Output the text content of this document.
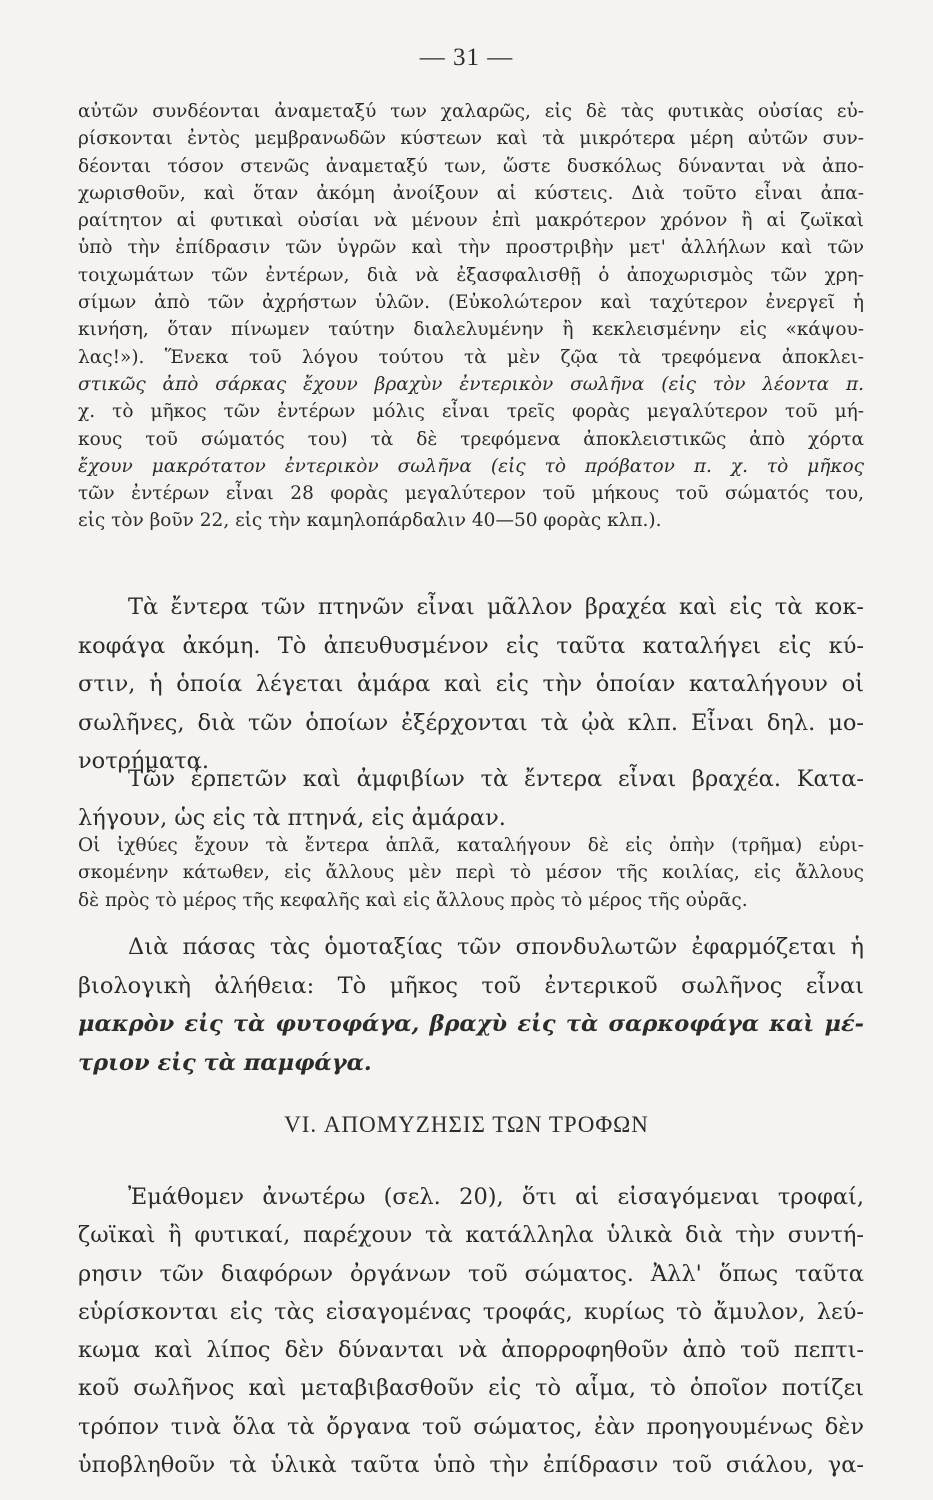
— 31 —
αὐτῶν συνδέονται ἀναμεταξύ των χαλαρῶς, εἰς δὲ τὰς φυτικὰς οὐσίας εὑ-
ρίσκονται ἐντὸς μεμβρανωδῶν κύστεων καὶ τὰ μικρότερα μέρη αὐτῶν συν-
δέονται τόσον στενῶς ἀναμεταξύ των, ὥστε δυσκόλως δύνανται νὰ ἀπο-
χωρισθοῦν, καὶ ὅταν ἀκόμη ἀνοίξουν αἱ κύστεις. Διὰ τοῦτο εἶναι ἀπα-
ραίτητον αἱ φυτικαὶ οὐσίαι νὰ μένουν ἐπὶ μακρότερον χρόνον ἢ αἱ ζωϊκαὶ
ὑπὸ τὴν ἐπίδρασιν τῶν ὑγρῶν καὶ τὴν προστριβὴν μετ' ἀλλήλων καὶ τῶν
τοιχωμάτων τῶν ἐντέρων, διὰ νὰ ἐξασφαλισθῇ ὁ ἀποχωρισμὸς τῶν χρη-
σίμων ἀπὸ τῶν ἀχρήστων ὑλῶν. (Εὐκολώτερον καὶ ταχύτερον ἐνεργεῖ ἡ
κινήση, ὅταν πίνωμεν ταύτην διαλελυμένην ἢ κεκλεισμένην εἰς «κάψου-
λας!»). Ἕνεκα τοῦ λόγου τούτου τὰ μὲν ζῷα τὰ τρεφόμενα ἀποκλει-
στικῶς ἀπὸ σάρκας ἔχουν βραχὺν ἐντερικὸν σωλῆνα (εἰς τὸν λέοντα π.
χ. τὸ μῆκος τῶν ἐντέρων μόλις εἶναι τρεῖς φορὰς μεγαλύτερον τοῦ μή-
κους τοῦ σώματός του) τὰ δὲ τρεφόμενα ἀποκλειστικῶς ἀπὸ χόρτα
ἔχουν μακρότατον ἐντερικὸν σωλῆνα (εἰς τὸ πρόβατον π. χ. τὸ μῆκος
τῶν ἐντέρων εἶναι 28 φορὰς μεγαλύτερον τοῦ μήκους τοῦ σώματός του,
εἰς τὸν βοῦν 22, εἰς τὴν καμηλοπάρδαλιν 40—50 φορὰς κλπ.).
Τὰ ἔντερα τῶν πτηνῶν εἶναι μᾶλλον βραχέα καὶ εἰς τὰ κοκ-
κοφάγα ἀκόμη. Τὸ ἀπευθυσμένον εἰς ταῦτα καταλήγει εἰς κύ-
στιν, ἡ ὁποία λέγεται ἀμάρα καὶ εἰς τὴν ὁποίαν καταλήγουν οἱ
σωλῆνες, διὰ τῶν ὁποίων ἐξέρχονται τὰ ᾠὰ κλπ. Εἶναι δηλ. μο-
νοτρήματα.
Τῶν ἑρπετῶν καὶ ἀμφιβίων τὰ ἔντερα εἶναι βραχέα. Κατα-
λήγουν, ὡς εἰς τὰ πτηνά, εἰς ἀμάραν.
Οἱ ἰχθύες ἔχουν τὰ ἔντερα ἁπλᾶ, καταλήγουν δὲ εἰς ὀπὴν (τρῆμα) εὑρι-
σκομένην κάτωθεν, εἰς ἄλλους μὲν περὶ τὸ μέσον τῆς κοιλίας, εἰς ἄλλους
δὲ πρὸς τὸ μέρος τῆς κεφαλῆς καὶ εἰς ἄλλους πρὸς τὸ μέρος τῆς οὐρᾶς.
Διὰ πάσας τὰς ὁμοταξίας τῶν σπονδυλωτῶν ἐφαρμόζεται ἡ
βιολογικὴ ἀλήθεια: Τὸ μῆκος τοῦ ἐντερικοῦ σωλῆνος εἶναι
μακρὸν εἰς τὰ φυτοφάγα, βραχὺ εἰς τὰ σαρκοφάγα καὶ μέ-
τριον εἰς τὰ παμφάγα.
VI. ΑΠΟΜΥΖΗΣΙΣ ΤΩΝ ΤΡΟΦΩΝ
Ἐμάθομεν ἀνωτέρω (σελ. 20), ὅτι αἱ εἰσαγόμεναι τροφαί,
ζωϊκαὶ ἢ φυτικαί, παρέχουν τὰ κατάλληλα ὑλικὰ διὰ τὴν συντή-
ρησιν τῶν διαφόρων ὀργάνων τοῦ σώματος. Ἀλλ' ὅπως ταῦτα
εὑρίσκονται εἰς τὰς εἰσαγομένας τροφάς, κυρίως τὸ ἄμυλον, λεύ-
κωμα καὶ λίπος δὲν δύνανται νὰ ἀπορροφηθοῦν ἀπὸ τοῦ πεπτι-
κοῦ σωλῆνος καὶ μεταβιβασθοῦν εἰς τὸ αἷμα, τὸ ὁποῖον ποτίζει
τρόπον τινὰ ὅλα τὰ ὄργανα τοῦ σώματος, ἐὰν προηγουμένως δὲν
ὑποβληθοῦν τὰ ὑλικὰ ταῦτα ὑπὸ τὴν ἐπίδρασιν τοῦ σιάλου, γα-
